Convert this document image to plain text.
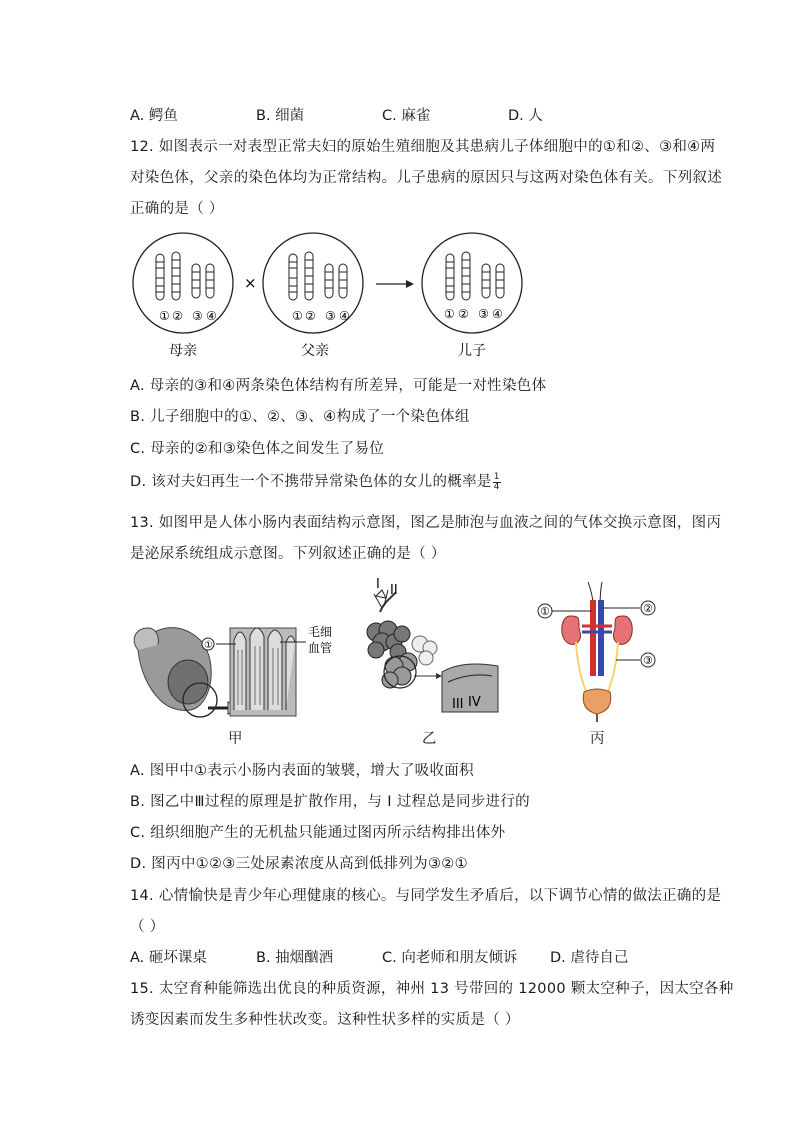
A. 鳄鱼	B. 细菌	C. 麻雀	D. 人
12. 如图表示一对表型正常夫妇的原始生殖细胞及其患病儿子体细胞中的①和②、③和④两
对染色体，父亲的染色体均为正常结构。儿子患病的原因只与这两对染色体有关。下列叙述
正确的是（ ）
① ② ③ ④	① ② ③ ④	① ② ③ ④
×
母亲	父亲	儿子
A. 母亲的③和④两条染色体结构有所差异，可能是一对性染色体
B. 儿子细胞中的①、②、③、④构成了一个染色体组
C. 母亲的②和③染色体之间发生了易位
D. 该对夫妇再生一个不携带异常染色体的女儿的概率是 $\frac{1}{4}$
13. 如图甲是人体小肠内表面结构示意图，图乙是肺泡与血液之间的气体交换示意图，图丙
是泌尿系统组成示意图。下列叙述正确的是（ ）
①
毛细
血管
I II
III IV
①	②
③
甲	乙	丙
A. 图甲中①表示小肠内表面的皱襞，增大了吸收面积
B. 图乙中Ⅲ过程的原理是扩散作用，与 I 过程总是同步进行的
C. 组织细胞产生的无机盐只能通过图丙所示结构排出体外
D. 图丙中①②③三处尿素浓度从高到低排列为③②①
14. 心情愉快是青少年心理健康的核心。与同学发生矛盾后，以下调节心情的做法正确的是
（ ）
A. 砸坏课桌	B. 抽烟酗酒	C. 向老师和朋友倾诉 D. 虐待自己
15. 太空育种能筛选出优良的种质资源，神州 13 号带回的 12000 颗太空种子，因太空各种
诱变因素而发生多种性状改变。这种性状多样的实质是（ ）
